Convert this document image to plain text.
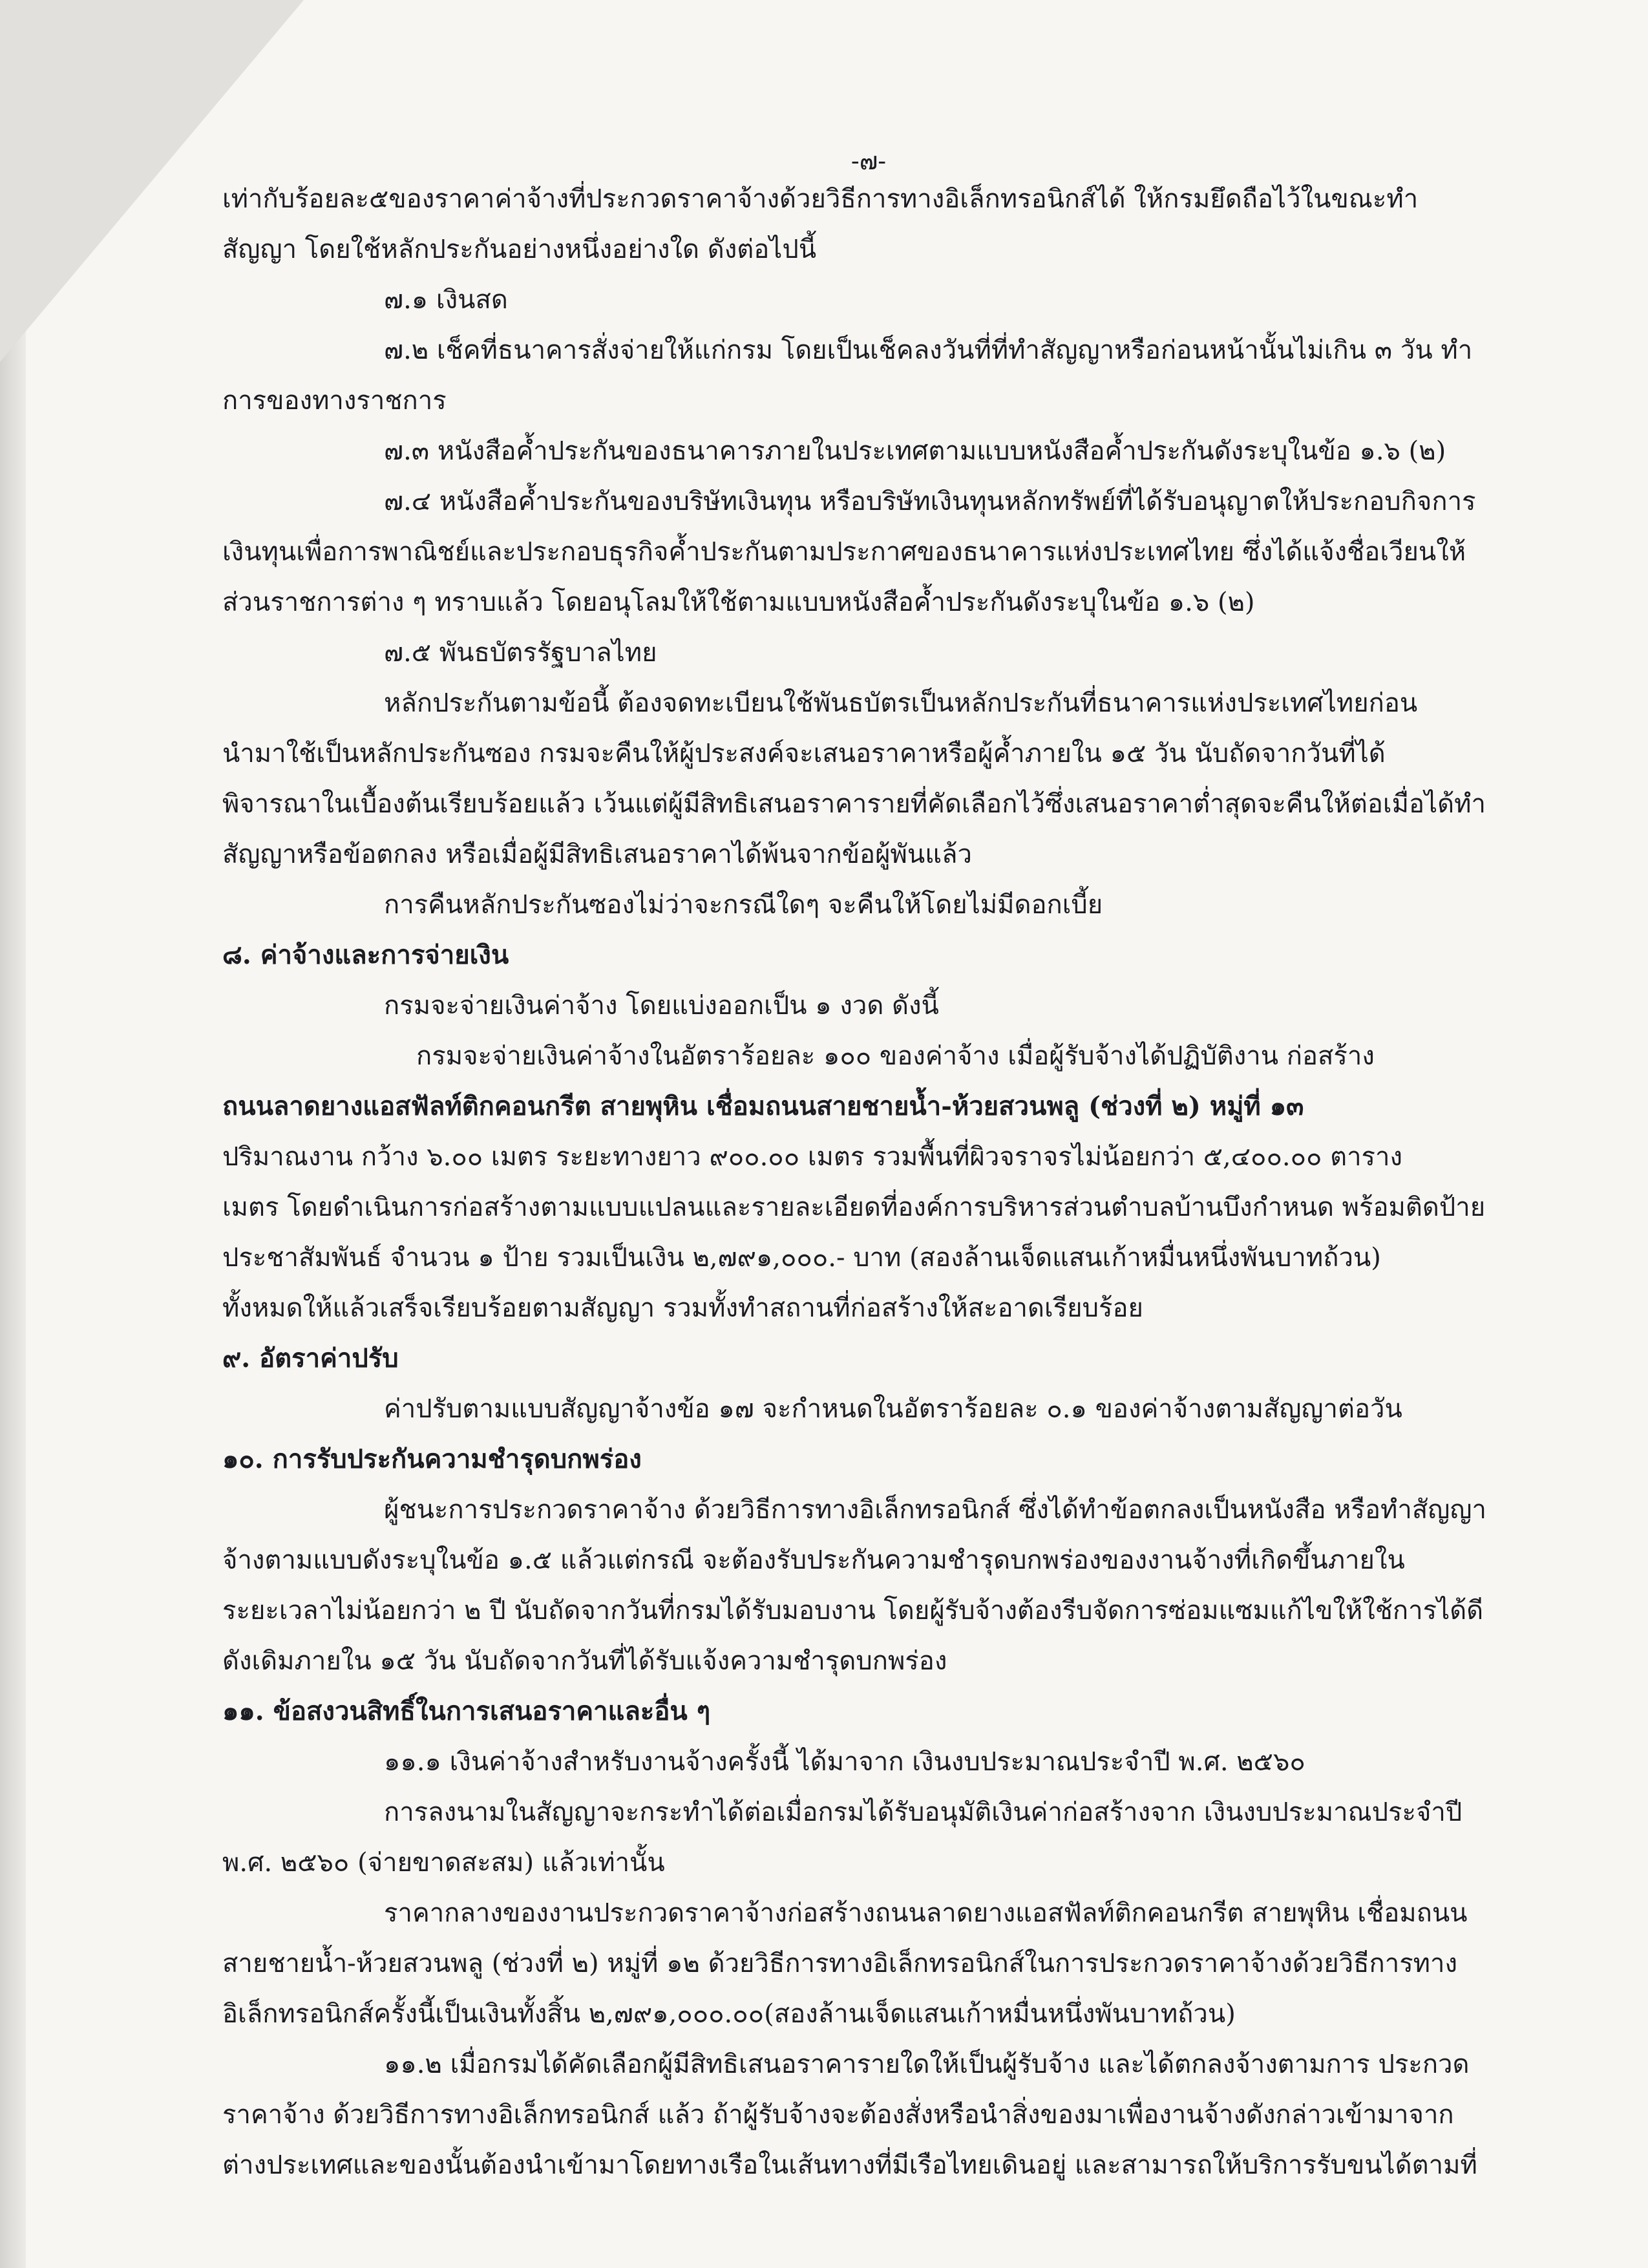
-๗-
เท่ากับร้อยละ๕ของราคาค่าจ้างที่ประกวดราคาจ้างด้วยวิธีการทางอิเล็กทรอนิกส์ได้ ให้กรมยึดถือไว้ในขณะทำ
สัญญา โดยใช้หลักประกันอย่างหนึ่งอย่างใด ดังต่อไปนี้
๗.๑ เงินสด
๗.๒ เช็คที่ธนาคารสั่งจ่ายให้แก่กรม โดยเป็นเช็คลงวันที่ที่ทำสัญญาหรือก่อนหน้านั้นไม่เกิน ๓ วัน ทำ
การของทางราชการ
๗.๓ หนังสือค้ำประกันของธนาคารภายในประเทศตามแบบหนังสือค้ำประกันดังระบุในข้อ ๑.๖ (๒)
๗.๔ หนังสือค้ำประกันของบริษัทเงินทุน หรือบริษัทเงินทุนหลักทรัพย์ที่ได้รับอนุญาตให้ประกอบกิจการ
เงินทุนเพื่อการพาณิชย์และประกอบธุรกิจค้ำประกันตามประกาศของธนาคารแห่งประเทศไทย ซึ่งได้แจ้งชื่อเวียนให้
ส่วนราชการต่าง ๆ ทราบแล้ว โดยอนุโลมให้ใช้ตามแบบหนังสือค้ำประกันดังระบุในข้อ ๑.๖ (๒)
๗.๕ พันธบัตรรัฐบาลไทย
หลักประกันตามข้อนี้ ต้องจดทะเบียนใช้พันธบัตรเป็นหลักประกันที่ธนาคารแห่งประเทศไทยก่อน
นำมาใช้เป็นหลักประกันซอง กรมจะคืนให้ผู้ประสงค์จะเสนอราคาหรือผู้ค้ำภายใน ๑๕ วัน นับถัดจากวันที่ได้
พิจารณาในเบื้องต้นเรียบร้อยแล้ว เว้นแต่ผู้มีสิทธิเสนอราคารายที่คัดเลือกไว้ซึ่งเสนอราคาต่ำสุดจะคืนให้ต่อเมื่อได้ทำ
สัญญาหรือข้อตกลง หรือเมื่อผู้มีสิทธิเสนอราคาได้พ้นจากข้อผู้พันแล้ว
การคืนหลักประกันซองไม่ว่าจะกรณีใดๆ จะคืนให้โดยไม่มีดอกเบี้ย
๘. ค่าจ้างและการจ่ายเงิน
กรมจะจ่ายเงินค่าจ้าง โดยแบ่งออกเป็น ๑ งวด ดังนี้
กรมจะจ่ายเงินค่าจ้างในอัตราร้อยละ ๑๐๐ ของค่าจ้าง เมื่อผู้รับจ้างได้ปฏิบัติงาน ก่อสร้าง
ถนนลาดยางแอสฟัลท์ติกคอนกรีต สายพุหิน เชื่อมถนนสายชายน้ำ-ห้วยสวนพลู (ช่วงที่ ๒) หมู่ที่ ๑๓
ปริมาณงาน กว้าง ๖.๐๐ เมตร ระยะทางยาว ๙๐๐.๐๐ เมตร รวมพื้นที่ผิวจราจรไม่น้อยกว่า ๕,๔๐๐.๐๐ ตาราง
เมตร โดยดำเนินการก่อสร้างตามแบบแปลนและรายละเอียดที่องค์การบริหารส่วนตำบลบ้านบึงกำหนด พร้อมติดป้าย
ประชาสัมพันธ์ จำนวน ๑ ป้าย รวมเป็นเงิน ๒,๗๙๑,๐๐๐.- บาท (สองล้านเจ็ดแสนเก้าหมื่นหนึ่งพันบาทถ้วน)
ทั้งหมดให้แล้วเสร็จเรียบร้อยตามสัญญา รวมทั้งทำสถานที่ก่อสร้างให้สะอาดเรียบร้อย
๙. อัตราค่าปรับ
ค่าปรับตามแบบสัญญาจ้างข้อ ๑๗ จะกำหนดในอัตราร้อยละ ๐.๑ ของค่าจ้างตามสัญญาต่อวัน
๑๐. การรับประกันความชำรุดบกพร่อง
ผู้ชนะการประกวดราคาจ้าง ด้วยวิธีการทางอิเล็กทรอนิกส์ ซึ่งได้ทำข้อตกลงเป็นหนังสือ หรือทำสัญญา
จ้างตามแบบดังระบุในข้อ ๑.๕ แล้วแต่กรณี จะต้องรับประกันความชำรุดบกพร่องของงานจ้างที่เกิดขึ้นภายใน
ระยะเวลาไม่น้อยกว่า ๒ ปี นับถัดจากวันที่กรมได้รับมอบงาน โดยผู้รับจ้างต้องรีบจัดการซ่อมแซมแก้ไขให้ใช้การได้ดี
ดังเดิมภายใน ๑๕ วัน นับถัดจากวันที่ได้รับแจ้งความชำรุดบกพร่อง
๑๑. ข้อสงวนสิทธิ์ในการเสนอราคาและอื่น ๆ
๑๑.๑ เงินค่าจ้างสำหรับงานจ้างครั้งนี้ ได้มาจาก เงินงบประมาณประจำปี พ.ศ. ๒๕๖๐
การลงนามในสัญญาจะกระทำได้ต่อเมื่อกรมได้รับอนุมัติเงินค่าก่อสร้างจาก เงินงบประมาณประจำปี
พ.ศ. ๒๕๖๐ (จ่ายขาดสะสม) แล้วเท่านั้น
ราคากลางของงานประกวดราคาจ้างก่อสร้างถนนลาดยางแอสฟัลท์ติกคอนกรีต สายพุหิน เชื่อมถนน
สายชายน้ำ-ห้วยสวนพลู (ช่วงที่ ๒) หมู่ที่ ๑๒ ด้วยวิธีการทางอิเล็กทรอนิกส์ในการประกวดราคาจ้างด้วยวิธีการทาง
อิเล็กทรอนิกส์ครั้งนี้เป็นเงินทั้งสิ้น ๒,๗๙๑,๐๐๐.๐๐(สองล้านเจ็ดแสนเก้าหมื่นหนึ่งพันบาทถ้วน)
๑๑.๒ เมื่อกรมได้คัดเลือกผู้มีสิทธิเสนอราคารายใดให้เป็นผู้รับจ้าง และได้ตกลงจ้างตามการ ประกวด
ราคาจ้าง ด้วยวิธีการทางอิเล็กทรอนิกส์ แล้ว ถ้าผู้รับจ้างจะต้องสั่งหรือนำสิ่งของมาเพื่องานจ้างดังกล่าวเข้ามาจาก
ต่างประเทศและของนั้นต้องนำเข้ามาโดยทางเรือในเส้นทางที่มีเรือไทยเดินอยู่ และสามารถให้บริการรับขนได้ตามที่
